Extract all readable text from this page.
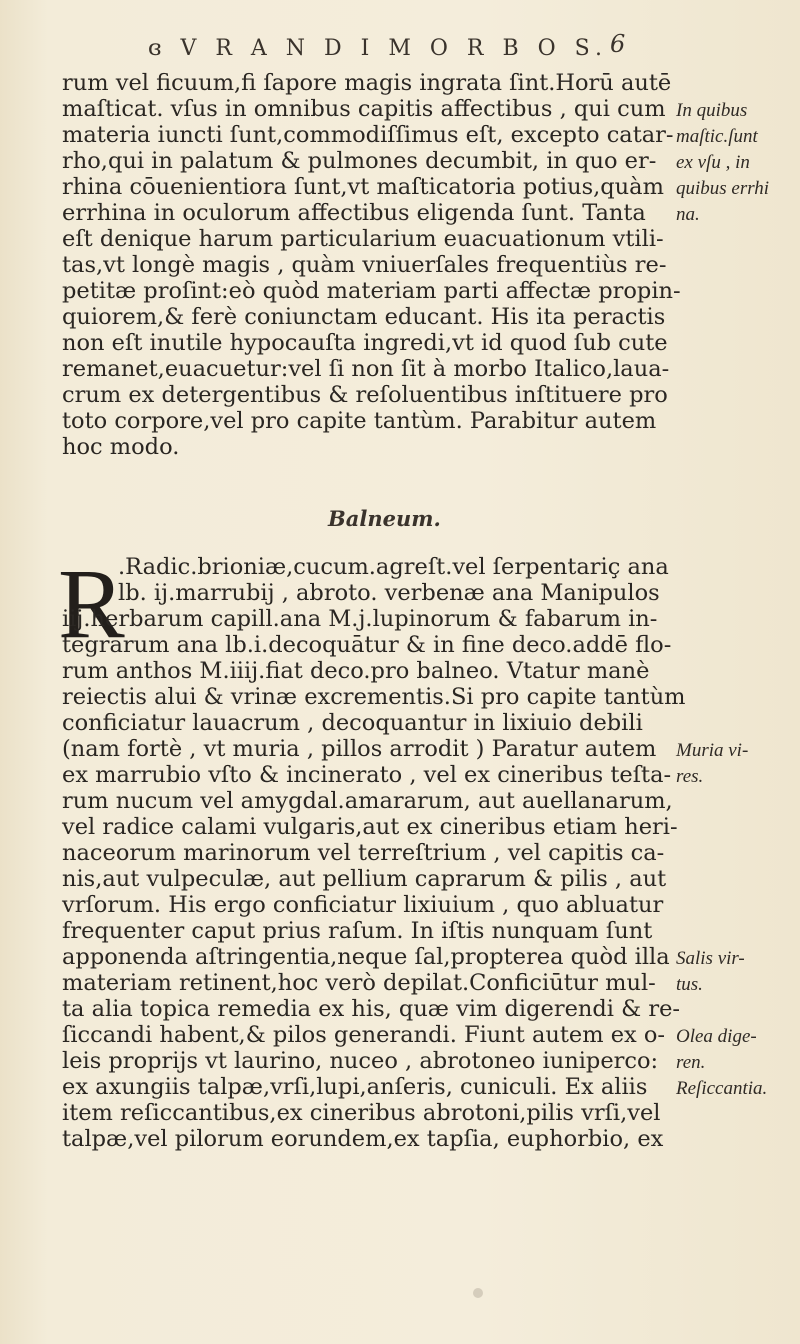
ɞ V R A N D I M O R B O S. 6
rum vel ficuum,fi ſapore magis ingrata ſint.Horū autē
maſticat. vſus in omnibus capitis affectibus , qui cum
materia iuncti ſunt,commodiſſimus eſt, excepto catar-
rho,qui in palatum & pulmones decumbit, in quo er-
rhina cōuenientiora ſunt,vt maſticatoria potius,quàm
errhina in oculorum affectibus eligenda ſunt. Tanta
eſt denique harum particularium euacuationum vtili-
tas,vt longè magis , quàm vniuerſales frequentiùs re-
petitæ proſint:eò quòd materiam parti affectæ propin-
quiorem,& ferè coniunctam educant. His ita peractis
non eſt inutile hypocauſta ingredi,vt id quod ſub cute
remanet,euacuetur:vel ſi non ſit à morbo Italico,laua-
crum ex detergentibus & reſoluentibus inſtituere pro
toto corpore,vel pro capite tantùm. Parabitur autem
hoc modo.
Balneum.
R
.Radic.brioniæ,cucum.agreſt.vel ſerpentariç ana
lb. ij.marrubij , abroto. verbenæ ana Manipulos
iij.herbarum capill.ana M.j.lupinorum & fabarum in-
tegrarum ana lb.i.decoquātur & in fine deco.addē flo-
rum anthos M.iiij.fiat deco.pro balneo. Vtatur manè
reiectis alui & vrinæ excrementis.Si pro capite tantùm
conficiatur lauacrum , decoquantur in lixiuio debili
(nam fortè , vt muria , pillos arrodit ) Paratur autem
ex marrubio vſto & incinerato , vel ex cineribus teſta-
rum nucum vel amygdal.amararum, aut auellanarum,
vel radice calami vulgaris,aut ex cineribus etiam heri-
naceorum marinorum vel terreſtrium , vel capitis ca-
nis,aut vulpeculæ, aut pellium caprarum & pilis , aut
vrſorum. His ergo conficiatur lixiuium , quo abluatur
frequenter caput prius raſum. In iſtis nunquam ſunt
apponenda aſtringentia,neque ſal,propterea quòd illa
materiam retinent,hoc verò depilat.Conficiūtur mul-
ta alia topica remedia ex his, quæ vim digerendi & re-
ſiccandi habent,& pilos generandi. Fiunt autem ex o-
leis proprijs vt laurino, nuceo , abrotoneo iuniperco:
ex axungiis talpæ,vrſi,lupi,anſeris, cuniculi. Ex aliis
item reſiccantibus,ex cineribus abrotoni,pilis vrſi,vel
talpæ,vel pilorum eorundem,ex tapſia, euphorbio, ex
In quibus
maſtic.ſunt
ex vſu , in
quibus errhi
na.
Muria vi-
res.
Salis vir-
tus.
Olea dige-
ren.
Reſiccantia.
